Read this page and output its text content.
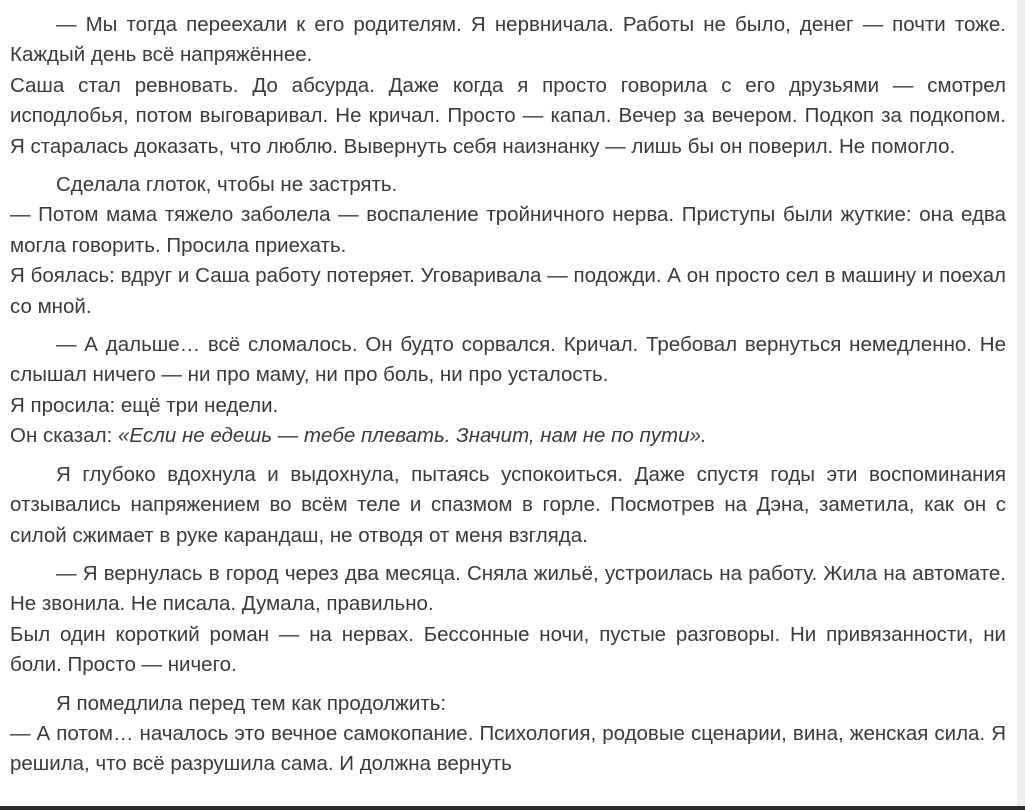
— Мы тогда переехали к его родителям. Я нервничала. Работы не было, денег — почти тоже. Каждый день всё напряжённее.
Саша стал ревновать. До абсурда. Даже когда я просто говорила с его друзьями — смотрел исподлобья, потом выговаривал. Не кричал. Просто — капал. Вечер за вечером. Подкоп за подкопом. Я старалась доказать, что люблю. Вывернуть себя наизнанку — лишь бы он поверил. Не помогло.
Сделала глоток, чтобы не застрять.
— Потом мама тяжело заболела — воспаление тройничного нерва. Приступы были жуткие: она едва могла говорить. Просила приехать.
Я боялась: вдруг и Саша работу потеряет. Уговаривала — подожди. А он просто сел в машину и поехал со мной.
— А дальше… всё сломалось. Он будто сорвался. Кричал. Требовал вернуться немедленно. Не слышал ничего — ни про маму, ни про боль, ни про усталость.
Я просила: ещё три недели.
Он сказал: «Если не едешь — тебе плевать. Значит, нам не по пути».
Я глубоко вдохнула и выдохнула, пытаясь успокоиться. Даже спустя годы эти воспоминания отзывались напряжением во всём теле и спазмом в горле. Посмотрев на Дэна, заметила, как он с силой сжимает в руке карандаш, не отводя от меня взгляда.
— Я вернулась в город через два месяца. Сняла жильё, устроилась на работу. Жила на автомате. Не звонила. Не писала. Думала, правильно.
Был один короткий роман — на нервах. Бессонные ночи, пустые разговоры. Ни привязанности, ни боли. Просто — ничего.
Я помедлила перед тем как продолжить:
— А потом… началось это вечное самокопание. Психология, родовые сценарии, вина, женская сила. Я решила, что всё разрушила сама. И должна вернуть
